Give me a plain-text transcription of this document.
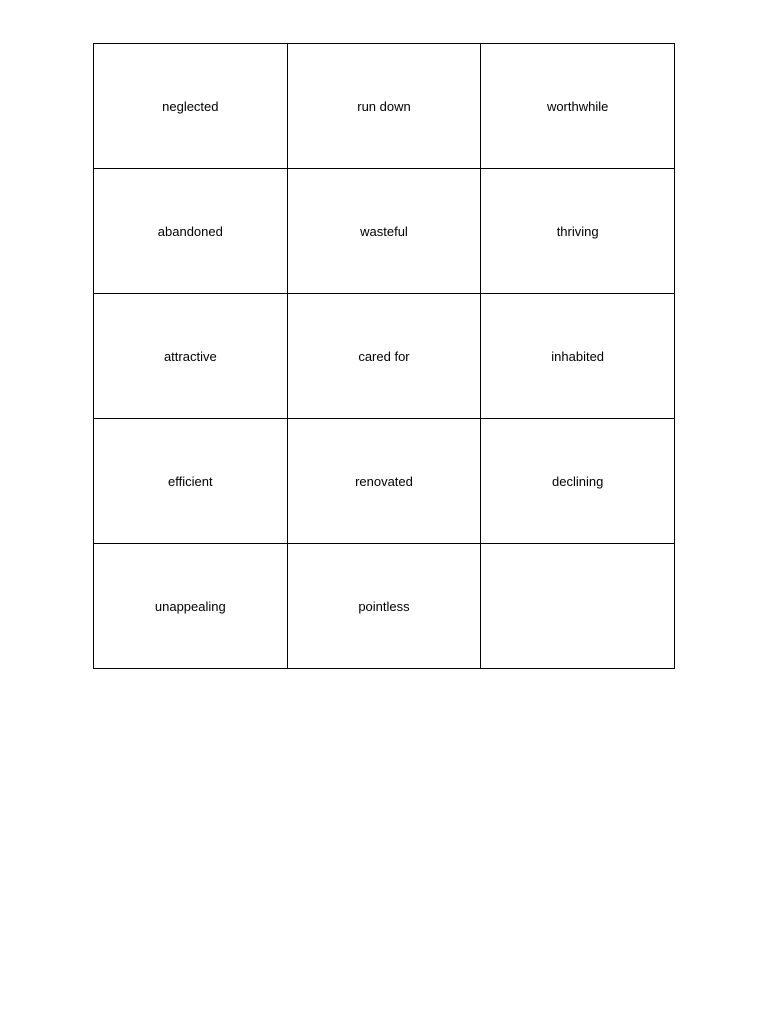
neglected	run down	worthwhile
abandoned	wasteful	thriving
attractive	cared for	inhabited
efficient	renovated	declining
unappealing	pointless	
